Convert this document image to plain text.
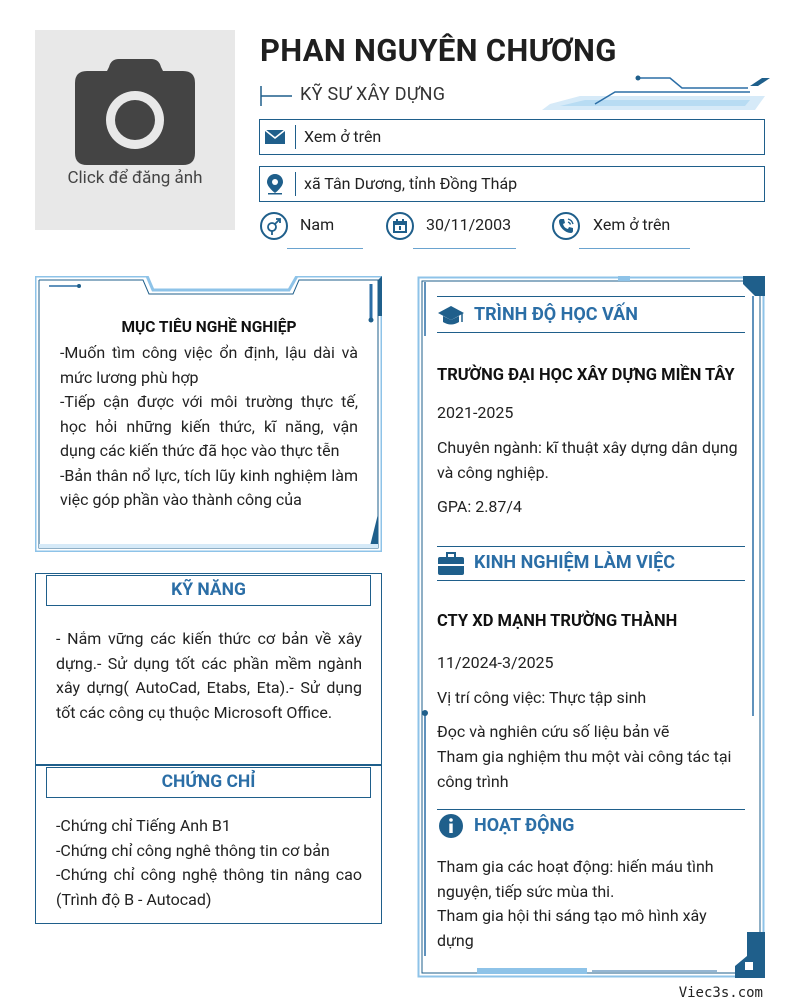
Click để đăng ảnh
PHAN NGUYÊN CHƯƠNG
KỸ SƯ XÂY DỰNG
Xem ở trên
xã Tân Dương, tỉnh Đồng Tháp
Nam	30/11/2003	Xem ở trên
MỤC TIÊU NGHỀ NGHIỆP
-Muốn tìm công việc ổn định, lậu dài và mức lương phù hợp
-Tiếp cận được với môi trường thực tế, học hỏi những kiến thức, kĩ năng, vận dụng các kiến thức đã học vào thực tễn
-Bản thân nổ lực, tích lũy kinh nghiệm làm việc góp phần vào thành công của
KỸ NĂNG
- Nắm vững các kiến thức cơ bản về xây dựng.- Sử dụng tốt các phần mềm ngành xây dựng( AutoCad, Etabs, Eta).- Sử dụng tốt các công cụ thuộc Microsoft Office.
CHỨNG CHỈ
-Chứng chỉ Tiếng Anh B1
-Chứng chỉ công nghê thông tin cơ bản
-Chứng chỉ công nghệ thông tin nâng cao (Trình độ B - Autocad)
TRÌNH ĐỘ HỌC VẤN
TRƯỜNG ĐẠI HỌC XÂY DỰNG MIỀN TÂY
2021-2025
Chuyên ngành: kĩ thuật xây dựng dân dụng và công nghiệp.
GPA: 2.87/4
KINH NGHIỆM LÀM VIỆC
CTY XD MẠNH TRƯỜNG THÀNH
11/2024-3/2025
Vị trí công việc: Thực tập sinh
Đọc và nghiên cứu số liệu bản vẽ
Tham gia nghiệm thu một vài công tác tại công trình
HOẠT ĐỘNG
Tham gia các hoạt động: hiến máu tình nguyện, tiếp sức mùa thi.
Tham gia hội thi sáng tạo mô hình xây dựng
Viec3s.com
